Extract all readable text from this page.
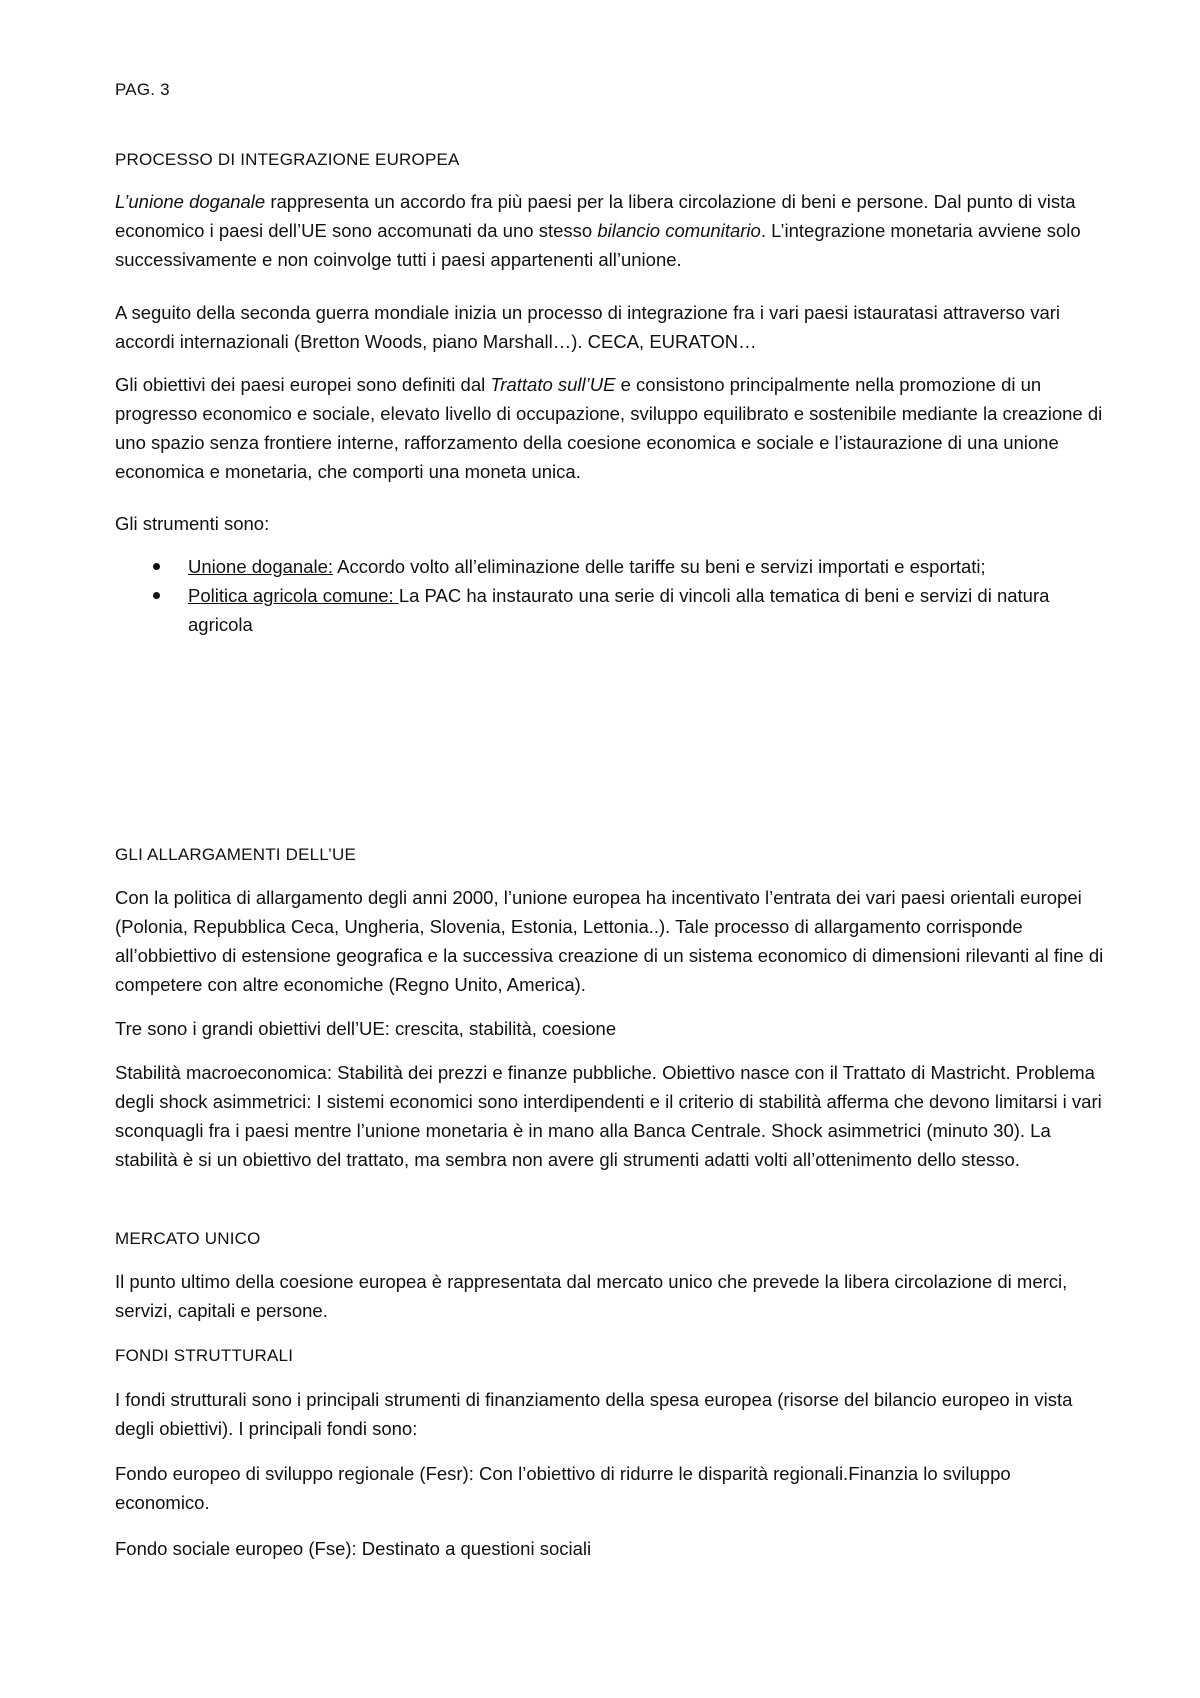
PAG. 3
PROCESSO DI INTEGRAZIONE EUROPEA

L’unione doganale rappresenta un accordo fra più paesi per la libera circolazione di beni e persone. Dal punto di vista economico i paesi dell’UE sono accomunati da uno stesso bilancio comunitario. L’integrazione monetaria avviene solo successivamente e non coinvolge tutti i paesi appartenenti all’unione.

A seguito della seconda guerra mondiale inizia un processo di integrazione fra i vari paesi istauratasi attraverso vari accordi internazionali (Bretton Woods, piano Marshall…). CECA, EURATON…

Gli obiettivi dei paesi europei sono definiti dal Trattato sull’UE e consistono principalmente nella promozione di un progresso economico e sociale, elevato livello di occupazione, sviluppo equilibrato e sostenibile mediante la creazione di uno spazio senza frontiere interne, rafforzamento della coesione economica e sociale e l’istaurazione di una unione economica e monetaria, che comporti una moneta unica.

Gli strumenti sono:

Unione doganale: Accordo volto all’eliminazione delle tariffe su beni e servizi importati e esportati;
Politica agricola comune: La PAC ha instaurato una serie di vincoli alla tematica di beni e servizi di natura agricola
GLI ALLARGAMENTI DELL’UE

Con la politica di allargamento degli anni 2000, l’unione europea ha incentivato l’entrata dei vari paesi orientali europei (Polonia, Repubblica Ceca, Ungheria, Slovenia, Estonia, Lettonia..). Tale processo di allargamento corrisponde all’obbiettivo di estensione geografica e la successiva creazione di un sistema economico di dimensioni rilevanti al fine di competere con altre economiche (Regno Unito, America).

Tre sono i grandi obiettivi dell’UE: crescita, stabilità, coesione

Stabilità macroeconomica: Stabilità dei prezzi e finanze pubbliche. Obiettivo nasce con il Trattato di Mastricht. Problema degli shock asimmetrici: I sistemi economici sono interdipendenti e il criterio di stabilità afferma che devono limitarsi i vari sconquagli fra i paesi mentre l’unione monetaria è in mano alla Banca Centrale. Shock asimmetrici (minuto 30). La stabilità è si un obiettivo del trattato, ma sembra non avere gli strumenti adatti volti all’ottenimento dello stesso.

MERCATO UNICO

Il punto ultimo della coesione europea è rappresentata dal mercato unico che prevede la libera circolazione di merci, servizi, capitali e persone.

FONDI STRUTTURALI

I fondi strutturali sono i principali strumenti di finanziamento della spesa europea (risorse del bilancio europeo in vista degli obiettivi). I principali fondi sono:

Fondo europeo di sviluppo regionale (Fesr): Con l’obiettivo di ridurre le disparità regionali.Finanzia lo sviluppo economico.

Fondo sociale europeo (Fse): Destinato a questioni sociali
